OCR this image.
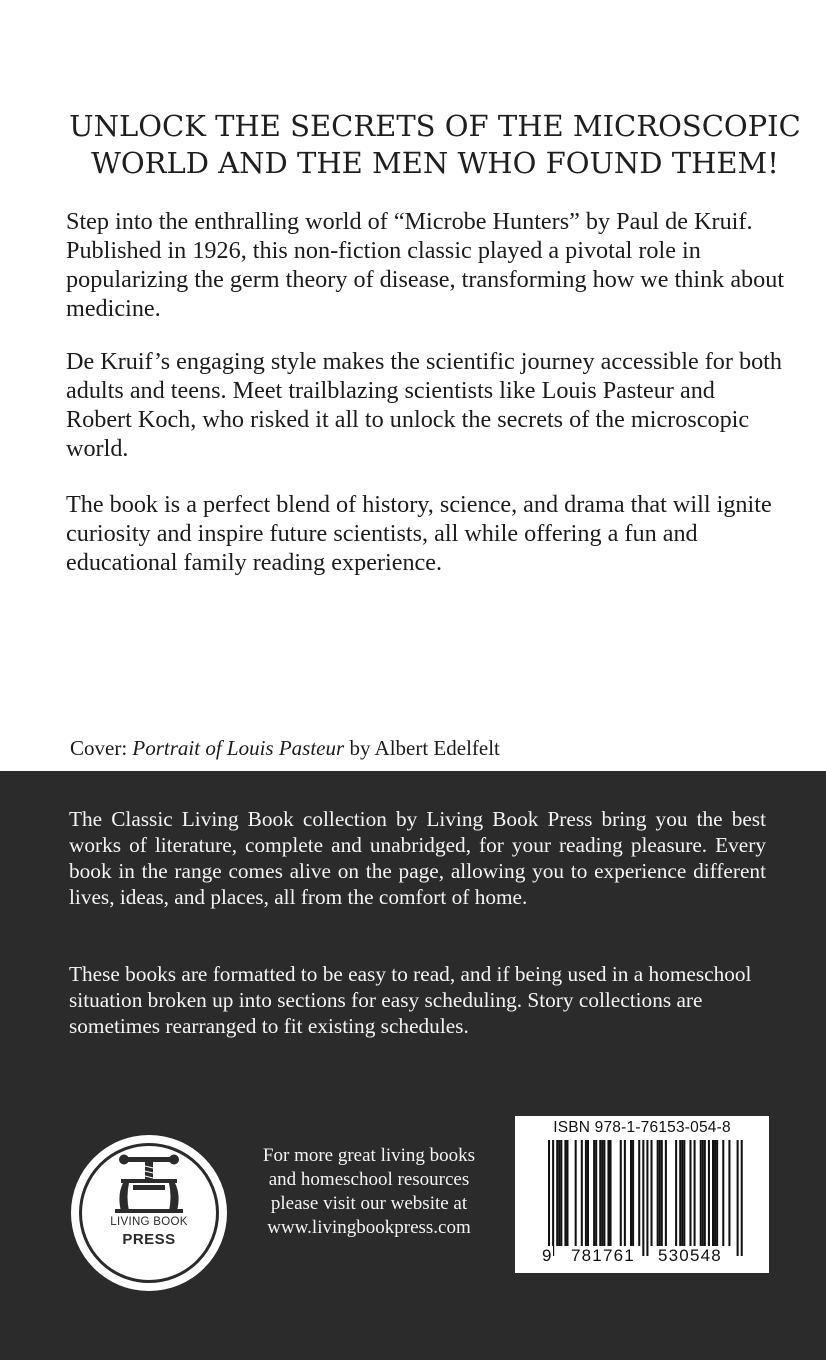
UNLOCK THE SECRETS OF THE MICROSCOPIC
WORLD AND THE MEN WHO FOUND THEM!

Step into the enthralling world of “Microbe Hunters” by Paul de Kruif. Published in 1926, this non-fiction classic played a pivotal role in popularizing the germ theory of disease, transforming how we think about medicine.

De Kruif’s engaging style makes the scientific journey accessible for both adults and teens. Meet trailblazing scientists like Louis Pasteur and Robert Koch, who risked it all to unlock the secrets of the microscopic world.

The book is a perfect blend of history, science, and drama that will ignite curiosity and inspire future scientists, all while offering a fun and educational family reading experience.

Cover: Portrait of Louis Pasteur by Albert Edelfelt

The Classic Living Book collection by Living Book Press bring you the best works of literature, complete and unabridged, for your reading pleasure. Every book in the range comes alive on the page, allowing you to experience different lives, ideas, and places, all from the comfort of home.

These books are formatted to be easy to read, and if being used in a homeschool situation broken up into sections for easy scheduling. Story collections are sometimes rearranged to fit existing schedules.

LIVING BOOK
PRESS
For more great living books
and homeschool resources
please visit our website at
www.livingbookpress.com
ISBN 978-1-76153-054-8
9 781761 530548
